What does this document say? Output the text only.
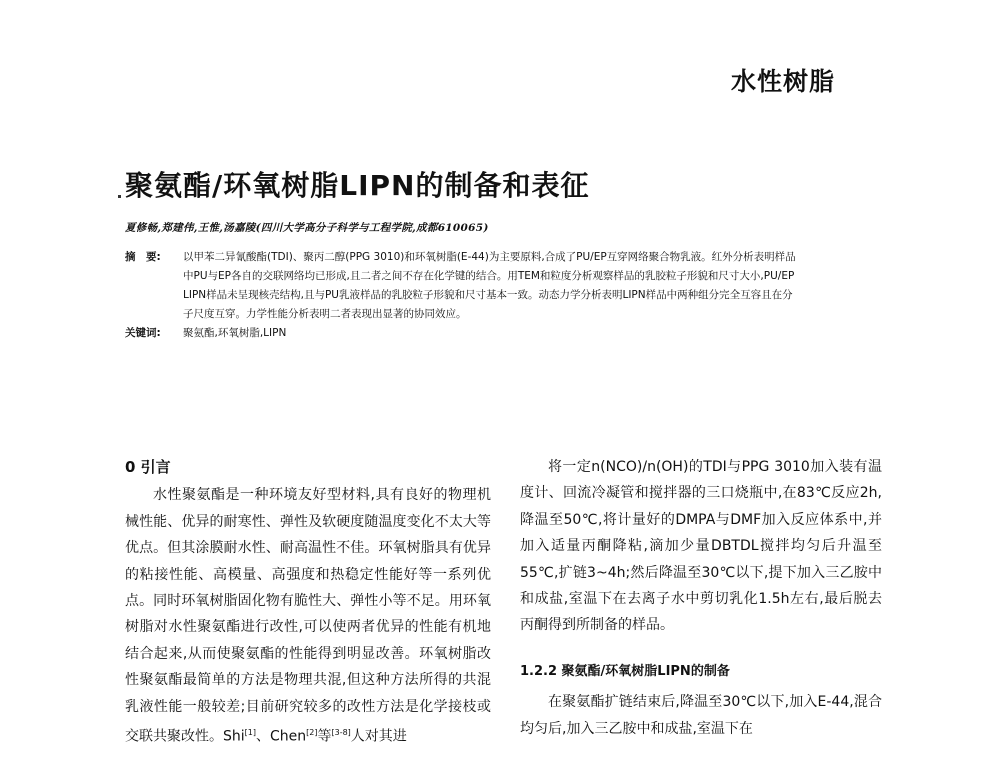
水性树脂
聚氨酯/环氧树脂LIPN的制备和表征
夏修畅,郑建伟,王惟,汤嘉陵(四川大学高分子科学与工程学院,成都610065)
摘　要:	以甲苯二异氰酸酯(TDI)、聚丙二醇(PPG 3010)和环氧树脂(E-44)为主要原料,合成了PU/EP互穿网络聚合物乳液。红外分析表明样品中PU与EP各自的交联网络均已形成,且二者之间不存在化学键的结合。用TEM和粒度分析观察样品的乳胶粒子形貌和尺寸大小,PU/EP LIPN样品未呈现核壳结构,且与PU乳液样品的乳胶粒子形貌和尺寸基本一致。动态力学分析表明LIPN样品中两种组分完全互容且在分子尺度互穿。力学性能分析表明二者表现出显著的协同效应。
关键词:	聚氨酯,环氧树脂,LIPN
0 引言

水性聚氨酯是一种环境友好型材料,具有良好的物理机械性能、优异的耐寒性、弹性及软硬度随温度变化不太大等优点。但其涂膜耐水性、耐高温性不佳。环氧树脂具有优异的粘接性能、高模量、高强度和热稳定性能好等一系列优点。同时环氧树脂固化物有脆性大、弹性小等不足。用环氧树脂对水性聚氨酯进行改性,可以使两者优异的性能有机地结合起来,从而使聚氨酯的性能得到明显改善。环氧树脂改性聚氨酯最简单的方法是物理共混,但这种方法所得的共混乳液性能一般较差;目前研究较多的改性方法是化学接枝或交联共聚改性。Shi[1]、Chen[2]等[3-8]人对其进

将一定n(NCO)/n(OH)的TDI与PPG 3010加入装有温度计、回流冷凝管和搅拌器的三口烧瓶中,在83℃反应2h,降温至50℃,将计量好的DMPA与DMF加入反应体系中,并加入适量丙酮降粘,滴加少量DBTDL搅拌均匀后升温至55℃,扩链3~4h;然后降温至30℃以下,提下加入三乙胺中和成盐,室温下在去离子水中剪切乳化1.5h左右,最后脱去丙酮得到所制备的样品。

1.2.2 聚氨酯/环氧树脂LIPN的制备

在聚氨酯扩链结束后,降温至30℃以下,加入E-44,混合均匀后,加入三乙胺中和成盐,室温下在
